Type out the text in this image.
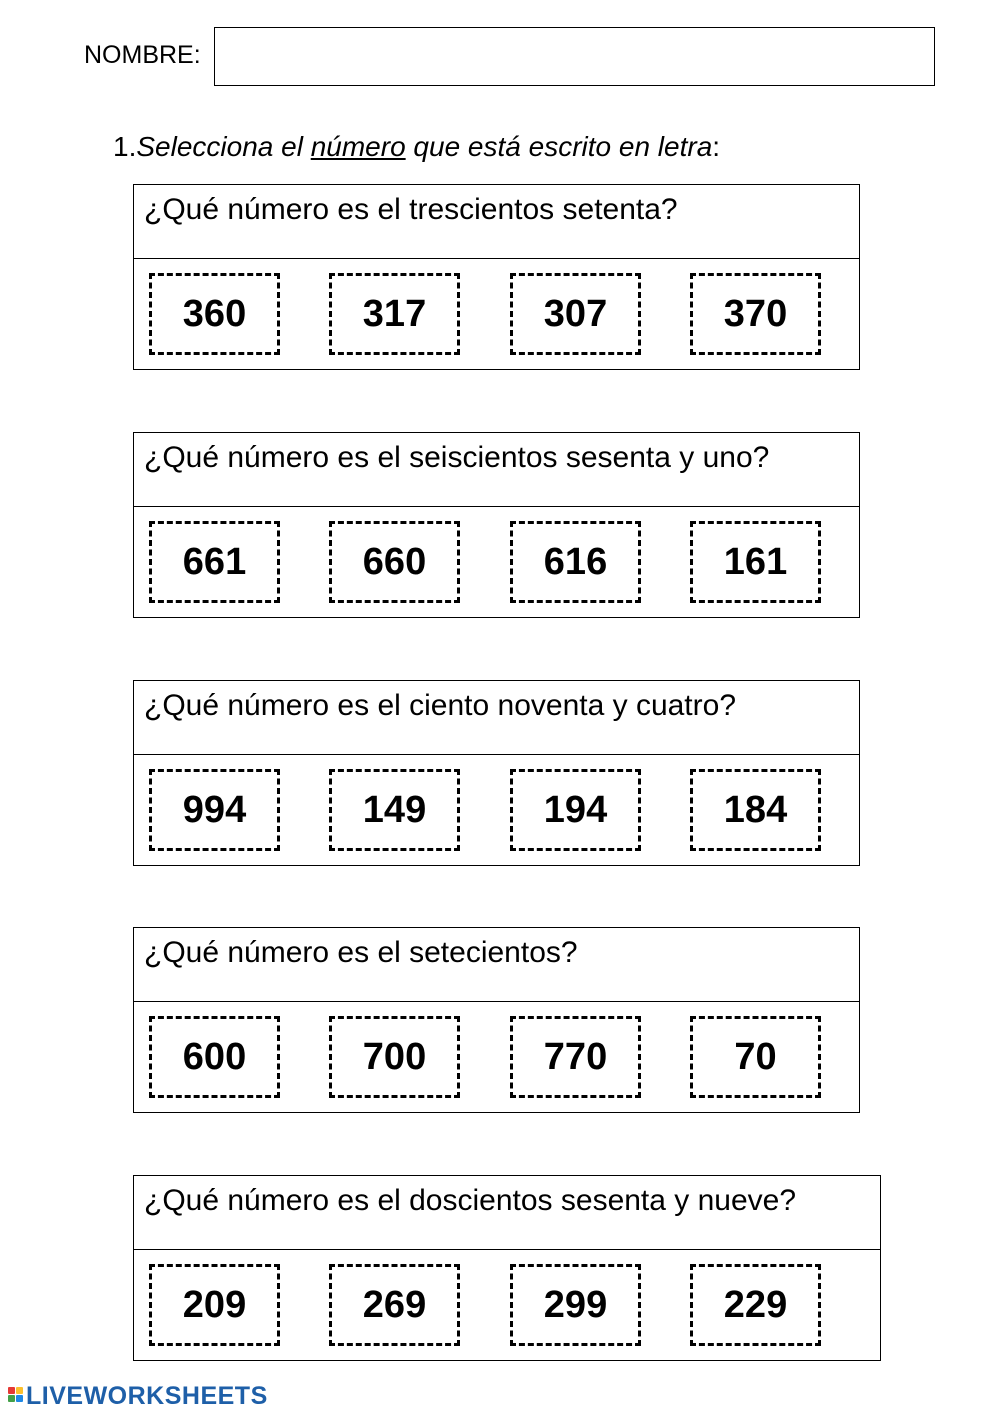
NOMBRE:
1.Selecciona el número que está escrito en letra:
¿Qué número es el trescientos setenta?
360	317	307	370
¿Qué número es el seiscientos sesenta y uno?
661	660	616	161
¿Qué número es el ciento noventa y cuatro?
994	149	194	184
¿Qué número es el setecientos?
600	700	770	70
¿Qué número es el doscientos sesenta y nueve?
209	269	299	229
LIVEWORKSHEETS
